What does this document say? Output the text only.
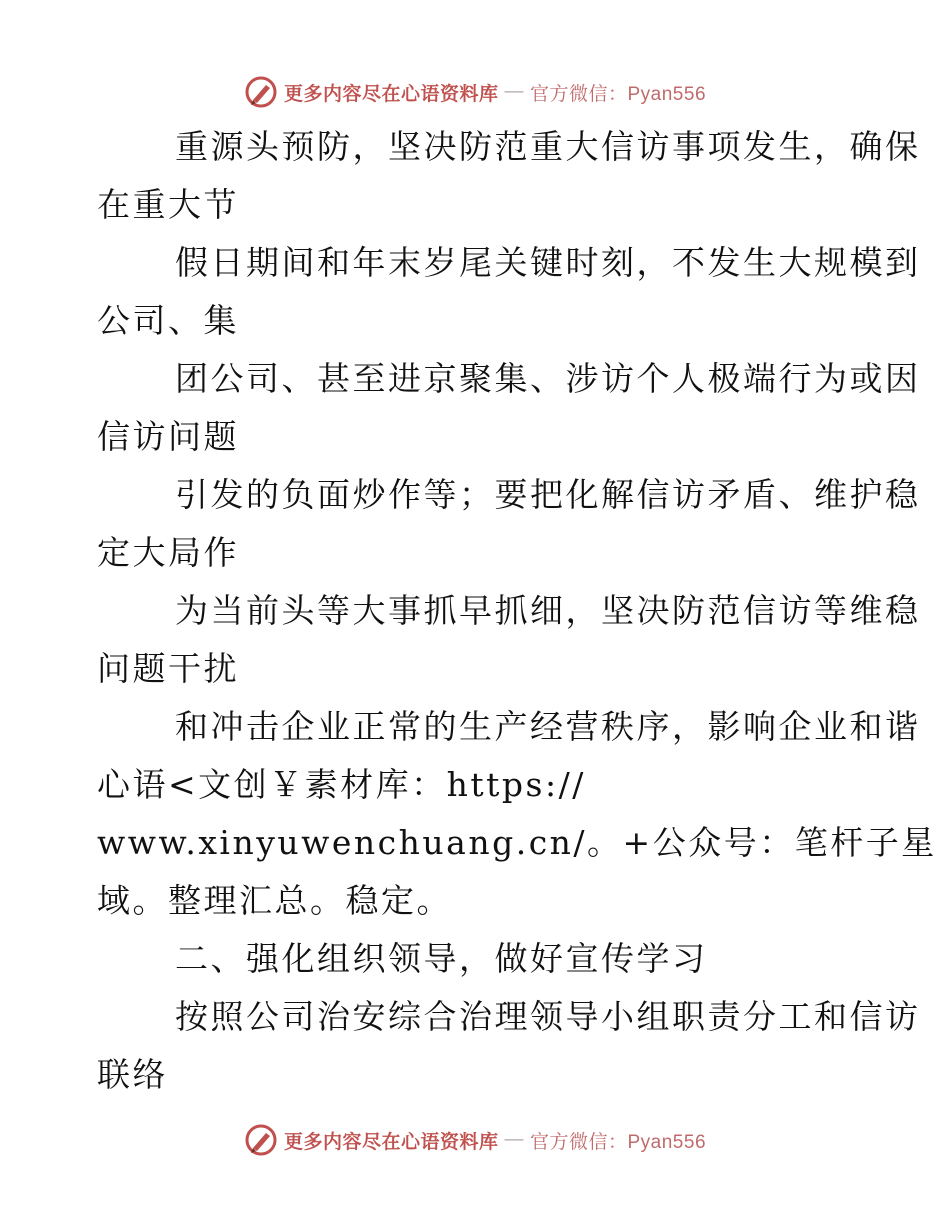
更多内容尽在心语资料库 — 官方微信：Pyan556
重源头预防，坚决防范重大信访事项发生，确保
在重大节
假日期间和年末岁尾关键时刻，不发生大规模到
公司、集
团公司、甚至进京聚集、涉访个人极端行为或因
信访问题
引发的负面炒作等；要把化解信访矛盾、维护稳
定大局作
为当前头等大事抓早抓细，坚决防范信访等维稳
问题干扰
和冲击企业正常的生产经营秩序，影响企业和谐
心语<文创￥素材库：https://
www.xinyuwenchuang.cn/。+公众号：笔杆子星
域。整理汇总。稳定。
二、强化组织领导，做好宣传学习
按照公司治安综合治理领导小组职责分工和信访
联络
更多内容尽在心语资料库 — 官方微信：Pyan556
